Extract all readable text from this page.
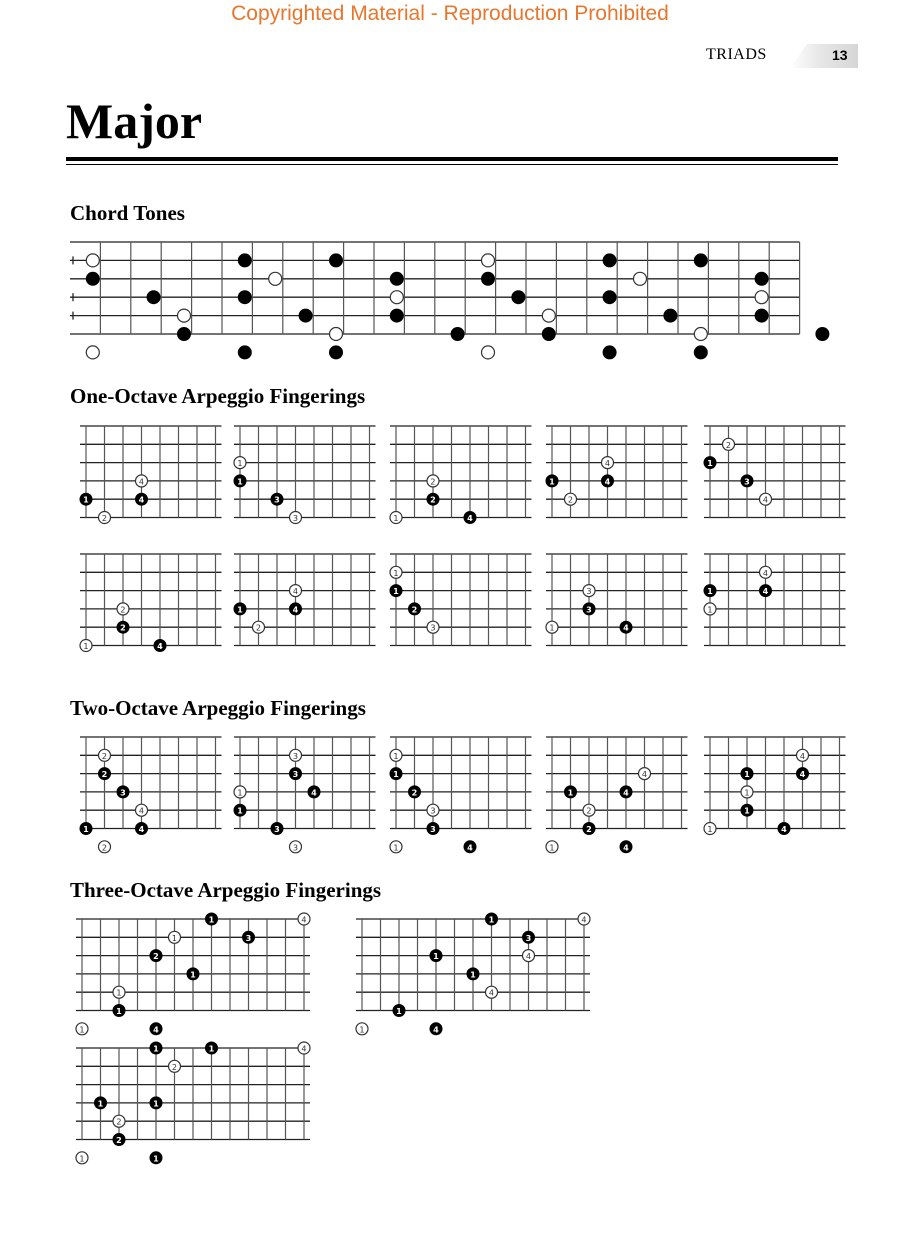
Copyrighted Material - Reproduction Prohibited
TRIADS	13
Major
Chord Tones
One-Octave Arpeggio Fingerings
1
2
4
4
1
1
3
3	1
2
2
4
1
2
4
4
1
2
3
4
1
2
2
4
1
2
4
4
1
1
2
3	1
3
3
4
1
1
4
4
Two-Octave Arpeggio Fingerings
2
2
3
4
4
1
2
3
3
4
1
1
3
3
1
1
2
3
3
1	4
4
4
1
2
2
1	4
4
4
1
1
1
1	4
Three-Octave Arpeggio Fingerings
1
1
1
2
4
1
1
1
3
4
1
1
1
4
1
4
1
3
4
4
1
1
2
2
1
1
1
2
1	4
